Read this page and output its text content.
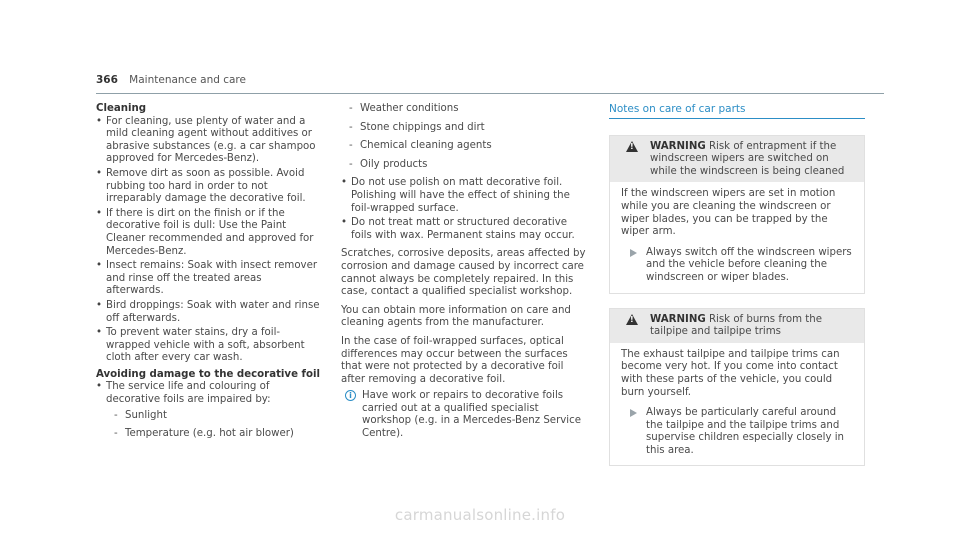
366 Maintenance and care
Cleaning
• For cleaning, use plenty of water and a mild cleaning agent without additives or abrasive substances (e.g. a car shampoo approved for Mercedes-Benz).
• Remove dirt as soon as possible. Avoid rubbing too hard in order to not irreparably damage the decorative foil.
• If there is dirt on the finish or if the decorative foil is dull: Use the Paint Cleaner recommended and approved for Mercedes-Benz.
• Insect remains: Soak with insect remover and rinse off the treated areas afterwards.
• Bird droppings: Soak with water and rinse off afterwards.
• To prevent water stains, dry a foil-wrapped vehicle with a soft, absorbent cloth after every car wash.
Avoiding damage to the decorative foil
• The service life and colouring of decorative foils are impaired by:
- Sunlight
- Temperature (e.g. hot air blower)
- Weather conditions
- Stone chippings and dirt
- Chemical cleaning agents
- Oily products
• Do not use polish on matt decorative foil. Polishing will have the effect of shining the foil-wrapped surface.
• Do not treat matt or structured decorative foils with wax. Permanent stains may occur.

Scratches, corrosive deposits, areas affected by corrosion and damage caused by incorrect care cannot always be completely repaired. In this case, contact a qualified specialist workshop.

You can obtain more information on care and cleaning agents from the manufacturer.

In the case of foil-wrapped surfaces, optical differences may occur between the surfaces that were not protected by a decorative foil after removing a decorative foil.

i Have work or repairs to decorative foils carried out at a qualified specialist workshop (e.g. in a Mercedes-Benz Service Centre).
Notes on care of car parts
!
WARNING Risk of entrapment if the windscreen wipers are switched on while the windscreen is being cleaned
If the windscreen wipers are set in motion while you are cleaning the windscreen or wiper blades, you can be trapped by the wiper arm.
Always switch off the windscreen wipers and the vehicle before cleaning the windscreen or wiper blades.
!
WARNING Risk of burns from the tailpipe and tailpipe trims
The exhaust tailpipe and tailpipe trims can become very hot. If you come into contact with these parts of the vehicle, you could burn yourself.
Always be particularly careful around the tailpipe and the tailpipe trims and supervise children especially closely in this area.
carmanualsonline.info
